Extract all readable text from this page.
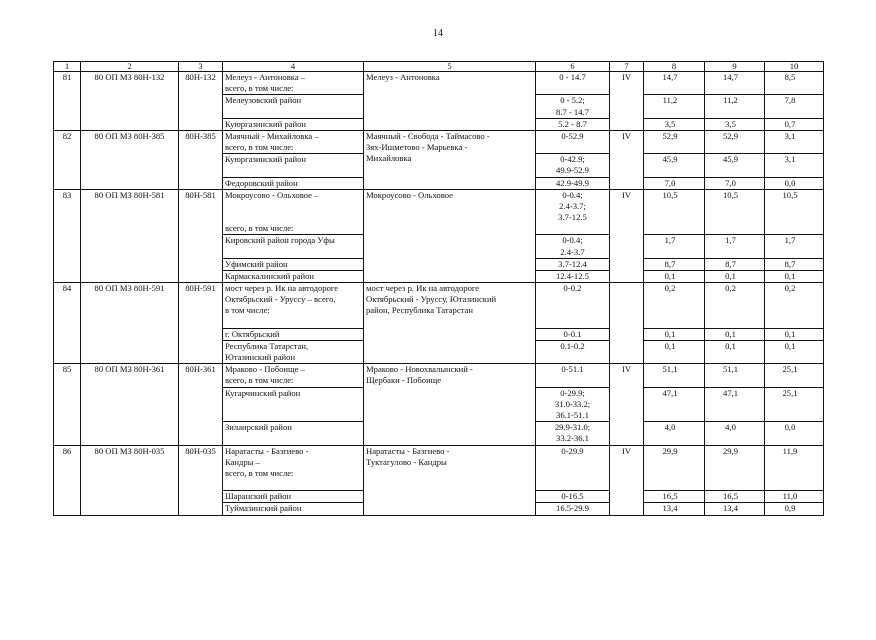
14
1	2	3	4	5	6	7	8	9	10
81	80 ОП МЗ 80Н-132	80Н-132	Мелеуз - Антоновка –
всего, в том числе:	Мелеуз - Антоновка	0 - 14.7	IV	14,7	14,7	8,5

			Мелеузовский район		0 - 5.2;
8.7 - 14.7		11,2	11,2	7,8

			Куюргазинский район		5.2 - 8.7		3,5	3,5	0,7
82	80 ОП МЗ 80Н-385	80Н-385	Маячный - Михайловка –
всего, в том числе:	Маячный - Свобода - Таймасово -
Зях-Ишметово - Марьевка -
Михайловка	0-52.9	IV	52,9	52,9	3,1

			Куюргазинский район		0-42.9;
49.9-52.9		45,9	45,9	3,1

			Федоровский район		42.9-49.9		7,0	7,0	0,0
83	80 ОП МЗ 80Н-581	80Н-581	Мокроусово - Ольховое –

всего, в том числе:	Мокроусово - Ольховое	0-0.4;
2.4-3.7;
3.7-12.5	IV	10,5	10,5	10,5

			Кировский район города Уфы		0-0.4;
2.4-3.7		1,7	1,7	1,7

			Уфимский район		3.7-12.4		8,7	8,7	8,7

			Кармаскалинский район		12.4-12.5		0,1	0,1	0,1
84	80 ОП МЗ 80Н-591	80Н-591	мост через р. Ик на автодороге
Октябрьский - Уруссу – всего,
в том числе:	мост через р. Ик на автодороге
Октябрьский - Уруссу, Ютазинский
район, Республика Татарстан	0-0.2		0,2	0,2	0,2

			г. Октябрьский		0-0.1		0,1	0,1	0,1

			Республика Татарстан,
Ютазинский район		0.1-0.2		0,1	0,1	0,1
85	80 ОП МЗ 80Н-361	80Н-361	Мраково - Побоище –
всего, в том числе:	Мраково - Новохвалынский -
Щербаки - Побоище	0-51.1	IV	51,1	51,1	25,1

			Кугарчинский район		0-29.9;
31.0-33.2;
36.1-51.1		47,1	47,1	25,1

			Зилаирский район		29.9-31.0;
33.2-36.1		4,0	4,0	0,0
86	80 ОП МЗ 80Н-035	80Н-035	Наратасты - Базгиево -
Кандры –
всего, в том числе:	Наратасты - Базгиево -
Туктагулово - Кандры	0-29.9	IV	29,9	29,9	11,9

			Шаранский район		0-16.5		16,5	16,5	11,0

			Туймазинский район		16.5-29.9		13,4	13,4	0,9
